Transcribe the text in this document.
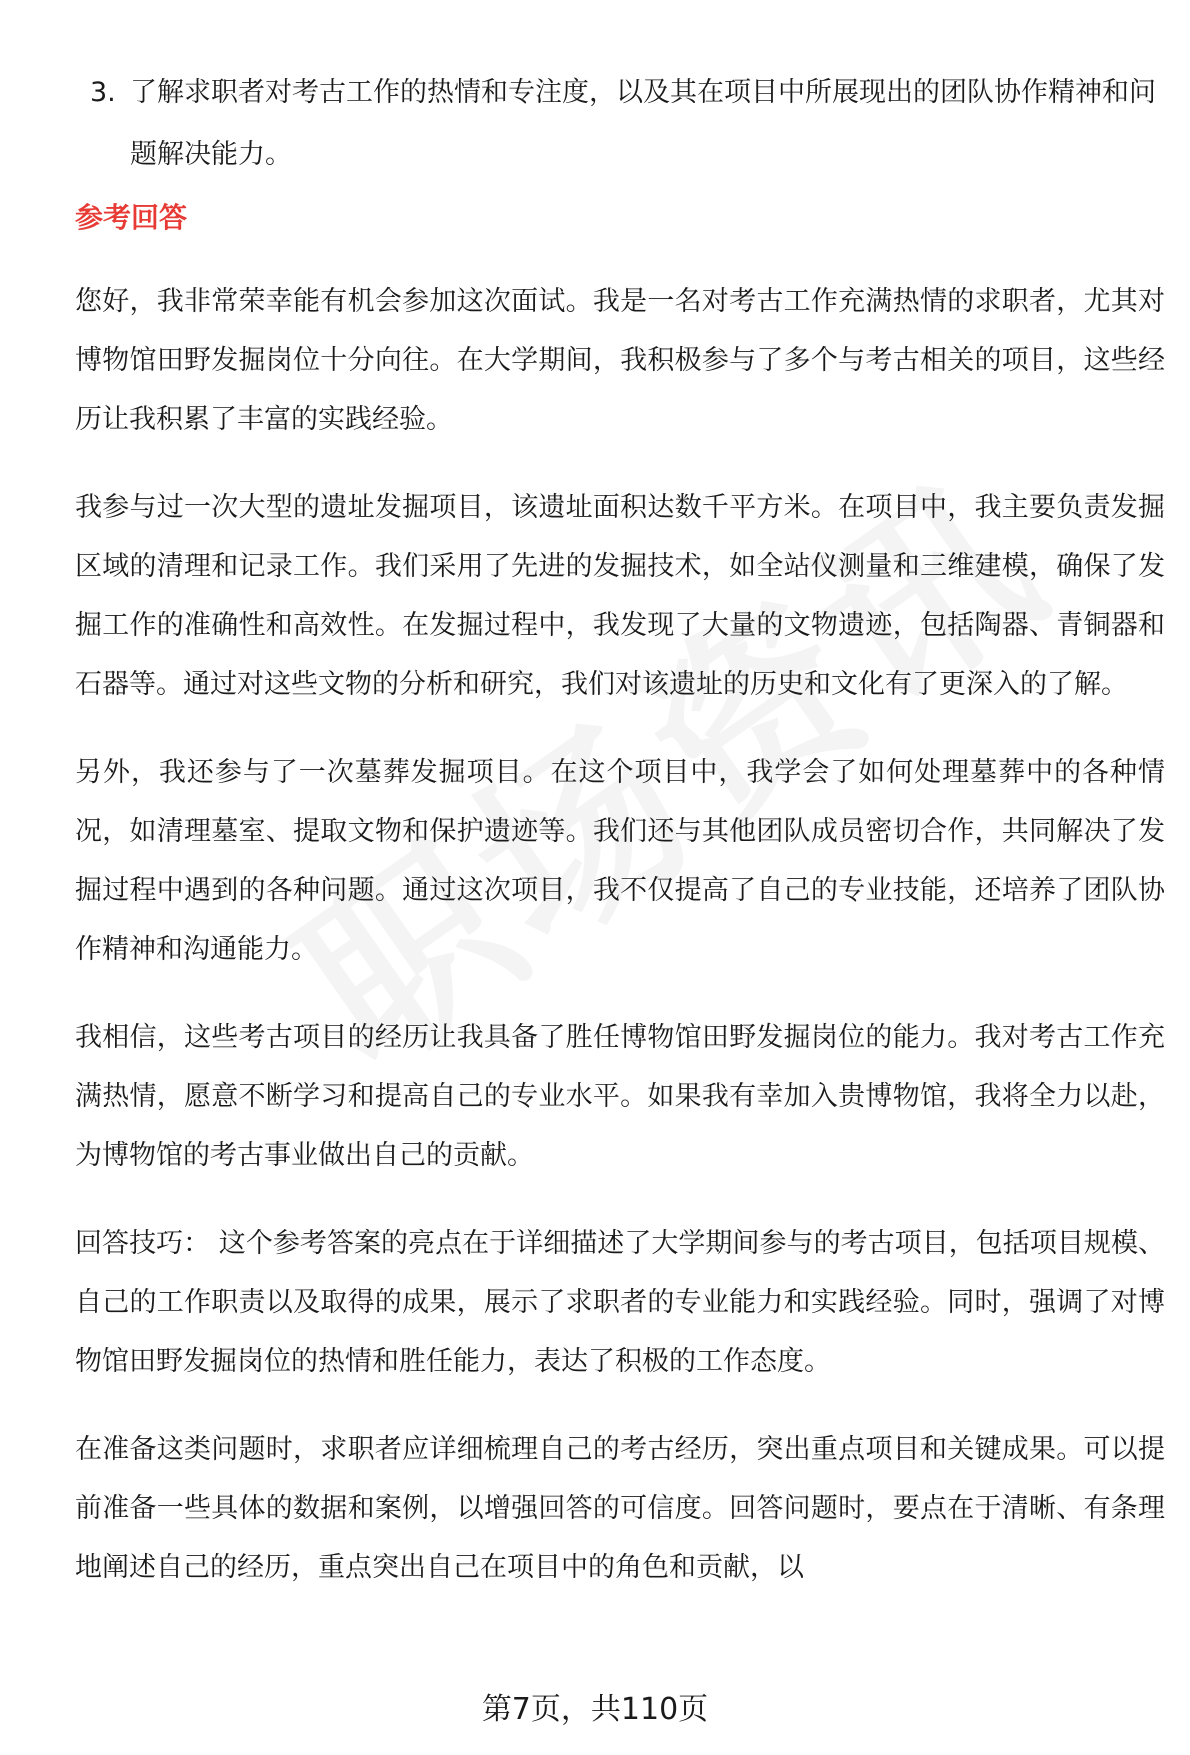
3. 了解求职者对考古工作的热情和专注度，以及其在项目中所展现出的团队协作精神和问题解决能力。
参考回答

您好，我非常荣幸能有机会参加这次面试。我是一名对考古工作充满热情的求职者，尤其对博物馆田野发掘岗位十分向往。在大学期间，我积极参与了多个与考古相关的项目，这些经历让我积累了丰富的实践经验。

我参与过一次大型的遗址发掘项目，该遗址面积达数千平方米。在项目中，我主要负责发掘区域的清理和记录工作。我们采用了先进的发掘技术，如全站仪测量和三维建模，确保了发掘工作的准确性和高效性。在发掘过程中，我发现了大量的文物遗迹，包括陶器、青铜器和石器等。通过对这些文物的分析和研究，我们对该遗址的历史和文化有了更深入的了解。

另外，我还参与了一次墓葬发掘项目。在这个项目中，我学会了如何处理墓葬中的各种情况，如清理墓室、提取文物和保护遗迹等。我们还与其他团队成员密切合作，共同解决了发掘过程中遇到的各种问题。通过这次项目，我不仅提高了自己的专业技能，还培养了团队协作精神和沟通能力。

我相信，这些考古项目的经历让我具备了胜任博物馆田野发掘岗位的能力。我对考古工作充满热情，愿意不断学习和提高自己的专业水平。如果我有幸加入贵博物馆，我将全力以赴，为博物馆的考古事业做出自己的贡献。

回答技巧： 这个参考答案的亮点在于详细描述了大学期间参与的考古项目，包括项目规模、自己的工作职责以及取得的成果，展示了求职者的专业能力和实践经验。同时，强调了对博物馆田野发掘岗位的热情和胜任能力，表达了积极的工作态度。

在准备这类问题时，求职者应详细梳理自己的考古经历，突出重点项目和关键成果。可以提前准备一些具体的数据和案例，以增强回答的可信度。回答问题时，要点在于清晰、有条理地阐述自己的经历，重点突出自己在项目中的角色和贡献，以

第7页，共110页
